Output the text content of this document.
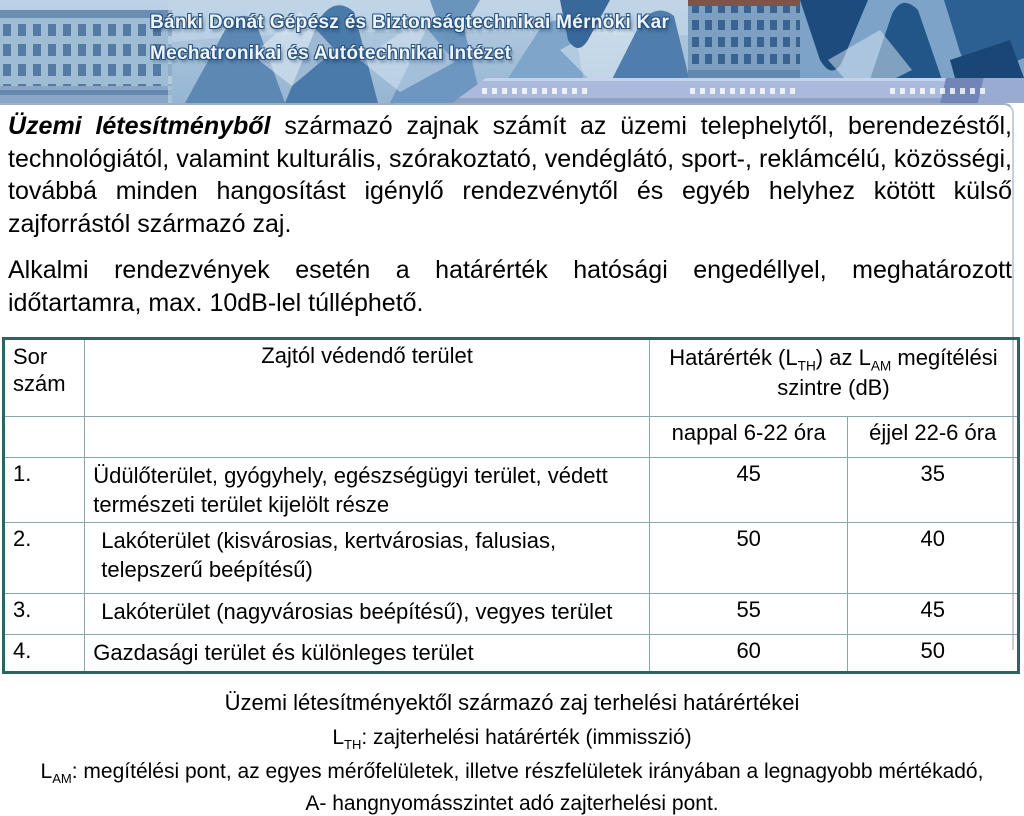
Bánki Donát Gépész és Biztonságtechnikai Mérnöki Kar
Mechatronikai és Autótechnikai Intézet

Üzemi létesítményből származó zajnak számít az üzemi telephelytől, berendezéstől, technológiától, valamint kulturális, szórakoztató, vendéglátó, sport-, reklámcélú, közösségi, továbbá minden hangosítást igénylő rendezvénytől és egyéb helyhez kötött külső zajforrástól származó zaj.

Alkalmi rendezvények esetén a határérték hatósági engedéllyel, meghatározott időtartamra, max. 10dB-lel túlléphető.

Sor szám	Zajtól védendő terület	Határérték $(L_{TH})$ az $L_{AM}$ megítélési szintre (dB)	
		nappal 6-22 óra	éjjel 22-6 óra
1.	Üdülőterület, gyógyhely, egészségügyi terület, védett természeti terület kijelölt része	45	35
2.	Lakóterület (kisvárosias, kertvárosias, falusias, telepszerű beépítésű)	50	40
3.	Lakóterület (nagyvárosias beépítésű), vegyes terület	55	45
4.	Gazdasági terület és különleges terület	60	50
Üzemi létesítményektől származó zaj terhelési határértékei
$L_{TH}$: zajterhelési határérték (immisszió)
$L_{AM}$: megítélési pont, az egyes mérőfelületek, illetve részfelületek irányában a legnagyobb mértékadó,
A- hangnyomásszintet adó zajterhelési pont.
